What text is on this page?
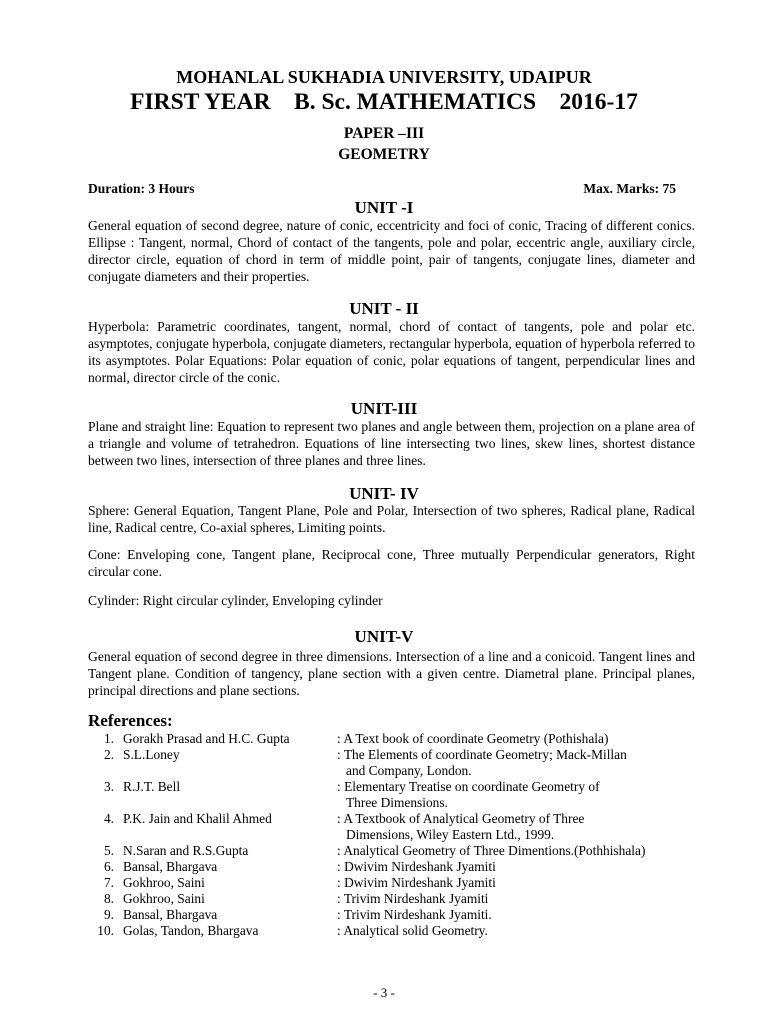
MOHANLAL SUKHADIA UNIVERSITY, UDAIPUR
FIRST YEAR    B. Sc. MATHEMATICS    2016-17
PAPER –III
GEOMETRY
Duration: 3 Hours	Max. Marks: 75
UNIT -I
General equation of second degree, nature of conic, eccentricity and foci of conic, Tracing of different conics. Ellipse : Tangent, normal, Chord of contact of the tangents, pole and polar, eccentric angle, auxiliary circle, director circle, equation of chord in term of middle point, pair of tangents, conjugate lines, diameter and conjugate diameters and their properties.
UNIT - II
Hyperbola: Parametric coordinates, tangent, normal, chord of contact of tangents, pole and polar etc. asymptotes, conjugate hyperbola, conjugate diameters, rectangular hyperbola, equation of hyperbola referred to its asymptotes. Polar Equations: Polar equation of conic, polar equations of tangent, perpendicular lines and normal, director circle of the conic.
UNIT-III
Plane and straight line: Equation to represent two planes and angle between them, projection on a plane area of a triangle and volume of tetrahedron. Equations of line intersecting two lines, skew lines, shortest distance between two lines, intersection of three planes and three lines.
UNIT- IV
Sphere: General Equation, Tangent Plane, Pole and Polar, Intersection of two spheres, Radical plane, Radical line, Radical centre, Co-axial spheres, Limiting points.
Cone: Enveloping cone, Tangent plane, Reciprocal cone, Three mutually Perpendicular generators, Right circular cone.
Cylinder: Right circular cylinder, Enveloping cylinder
UNIT-V
General equation of second degree in three dimensions. Intersection of a line and a conicoid. Tangent lines and Tangent plane. Condition of tangency, plane section with a given centre. Diametral plane. Principal planes, principal directions and plane sections.
References:
1. Gorakh Prasad and H.C. Gupta	: A Text book of coordinate Geometry (Pothishala)
2. S.L.Loney	: The Elements of coordinate Geometry; Mack-Millan
and Company, London.
3. R.J.T. Bell	: Elementary Treatise on coordinate Geometry of
Three Dimensions.
4. P.K. Jain and Khalil Ahmed	: A Textbook of Analytical Geometry of Three
Dimensions, Wiley Eastern Ltd., 1999.
5. N.Saran and R.S.Gupta	: Analytical Geometry of Three Dimentions.(Pothhishala)
6. Bansal, Bhargava	: Dwivim Nirdeshank Jyamiti
7. Gokhroo, Saini	: Dwivim Nirdeshank Jyamiti
8. Gokhroo, Saini	: Trivim Nirdeshank Jyamiti
9. Bansal, Bhargava	: Trivim Nirdeshank Jyamiti.
10. Golas, Tandon, Bhargava	: Analytical solid Geometry.
- 3 -
